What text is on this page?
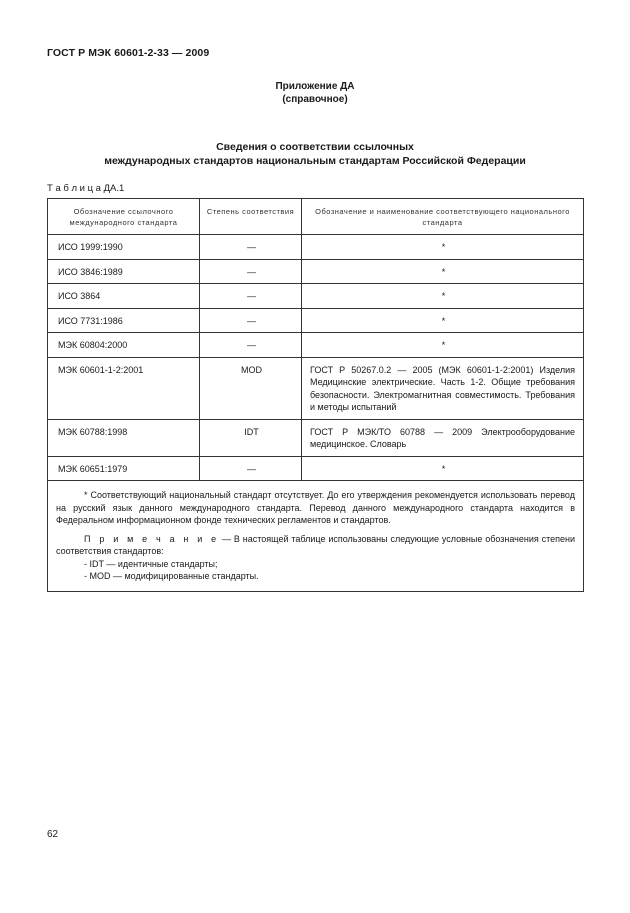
ГОСТ Р МЭК 60601-2-33 — 2009
Приложение ДА
(справочное)
Сведения о соответствии ссылочных
международных стандартов национальным стандартам Российской Федерации
Т а б л и ц а ДА.1
Обозначение ссылочного международного стандарта	Степень соответствия	Обозначение и наименование соответствующего национального стандарта
ИСО 1999:1990	—	*
ИСО 3846:1989	—	*
ИСО 3864	—	*
ИСО 7731:1986	—	*
МЭК 60804:2000	—	*
МЭК 60601-1-2:2001	MOD	ГОСТ Р 50267.0.2 — 2005 (МЭК 60601-1-2:2001) Изделия Медицинские электрические. Часть 1-2. Общие требования безопасности. Электромагнитная совместимость. Требования и методы испытаний
МЭК 60788:1998	IDT	ГОСТ Р МЭК/ТО 60788 — 2009 Электрооборудование медицинское. Словарь
МЭК 60651:1979	—	*

* Соответствующий национальный стандарт отсутствует. До его утверждения рекомендуется использовать перевод на русский язык данного международного стандарта. Перевод данного международного стандарта находится в Федеральном информационном фонде технических регламентов и стандартов.

П р и м е ч а н и е — В настоящей таблице использованы следующие условные обозначения степени соответствия стандартов:

- IDT — идентичные стандарты;

- MOD — модифицированные стандарты.		

62
